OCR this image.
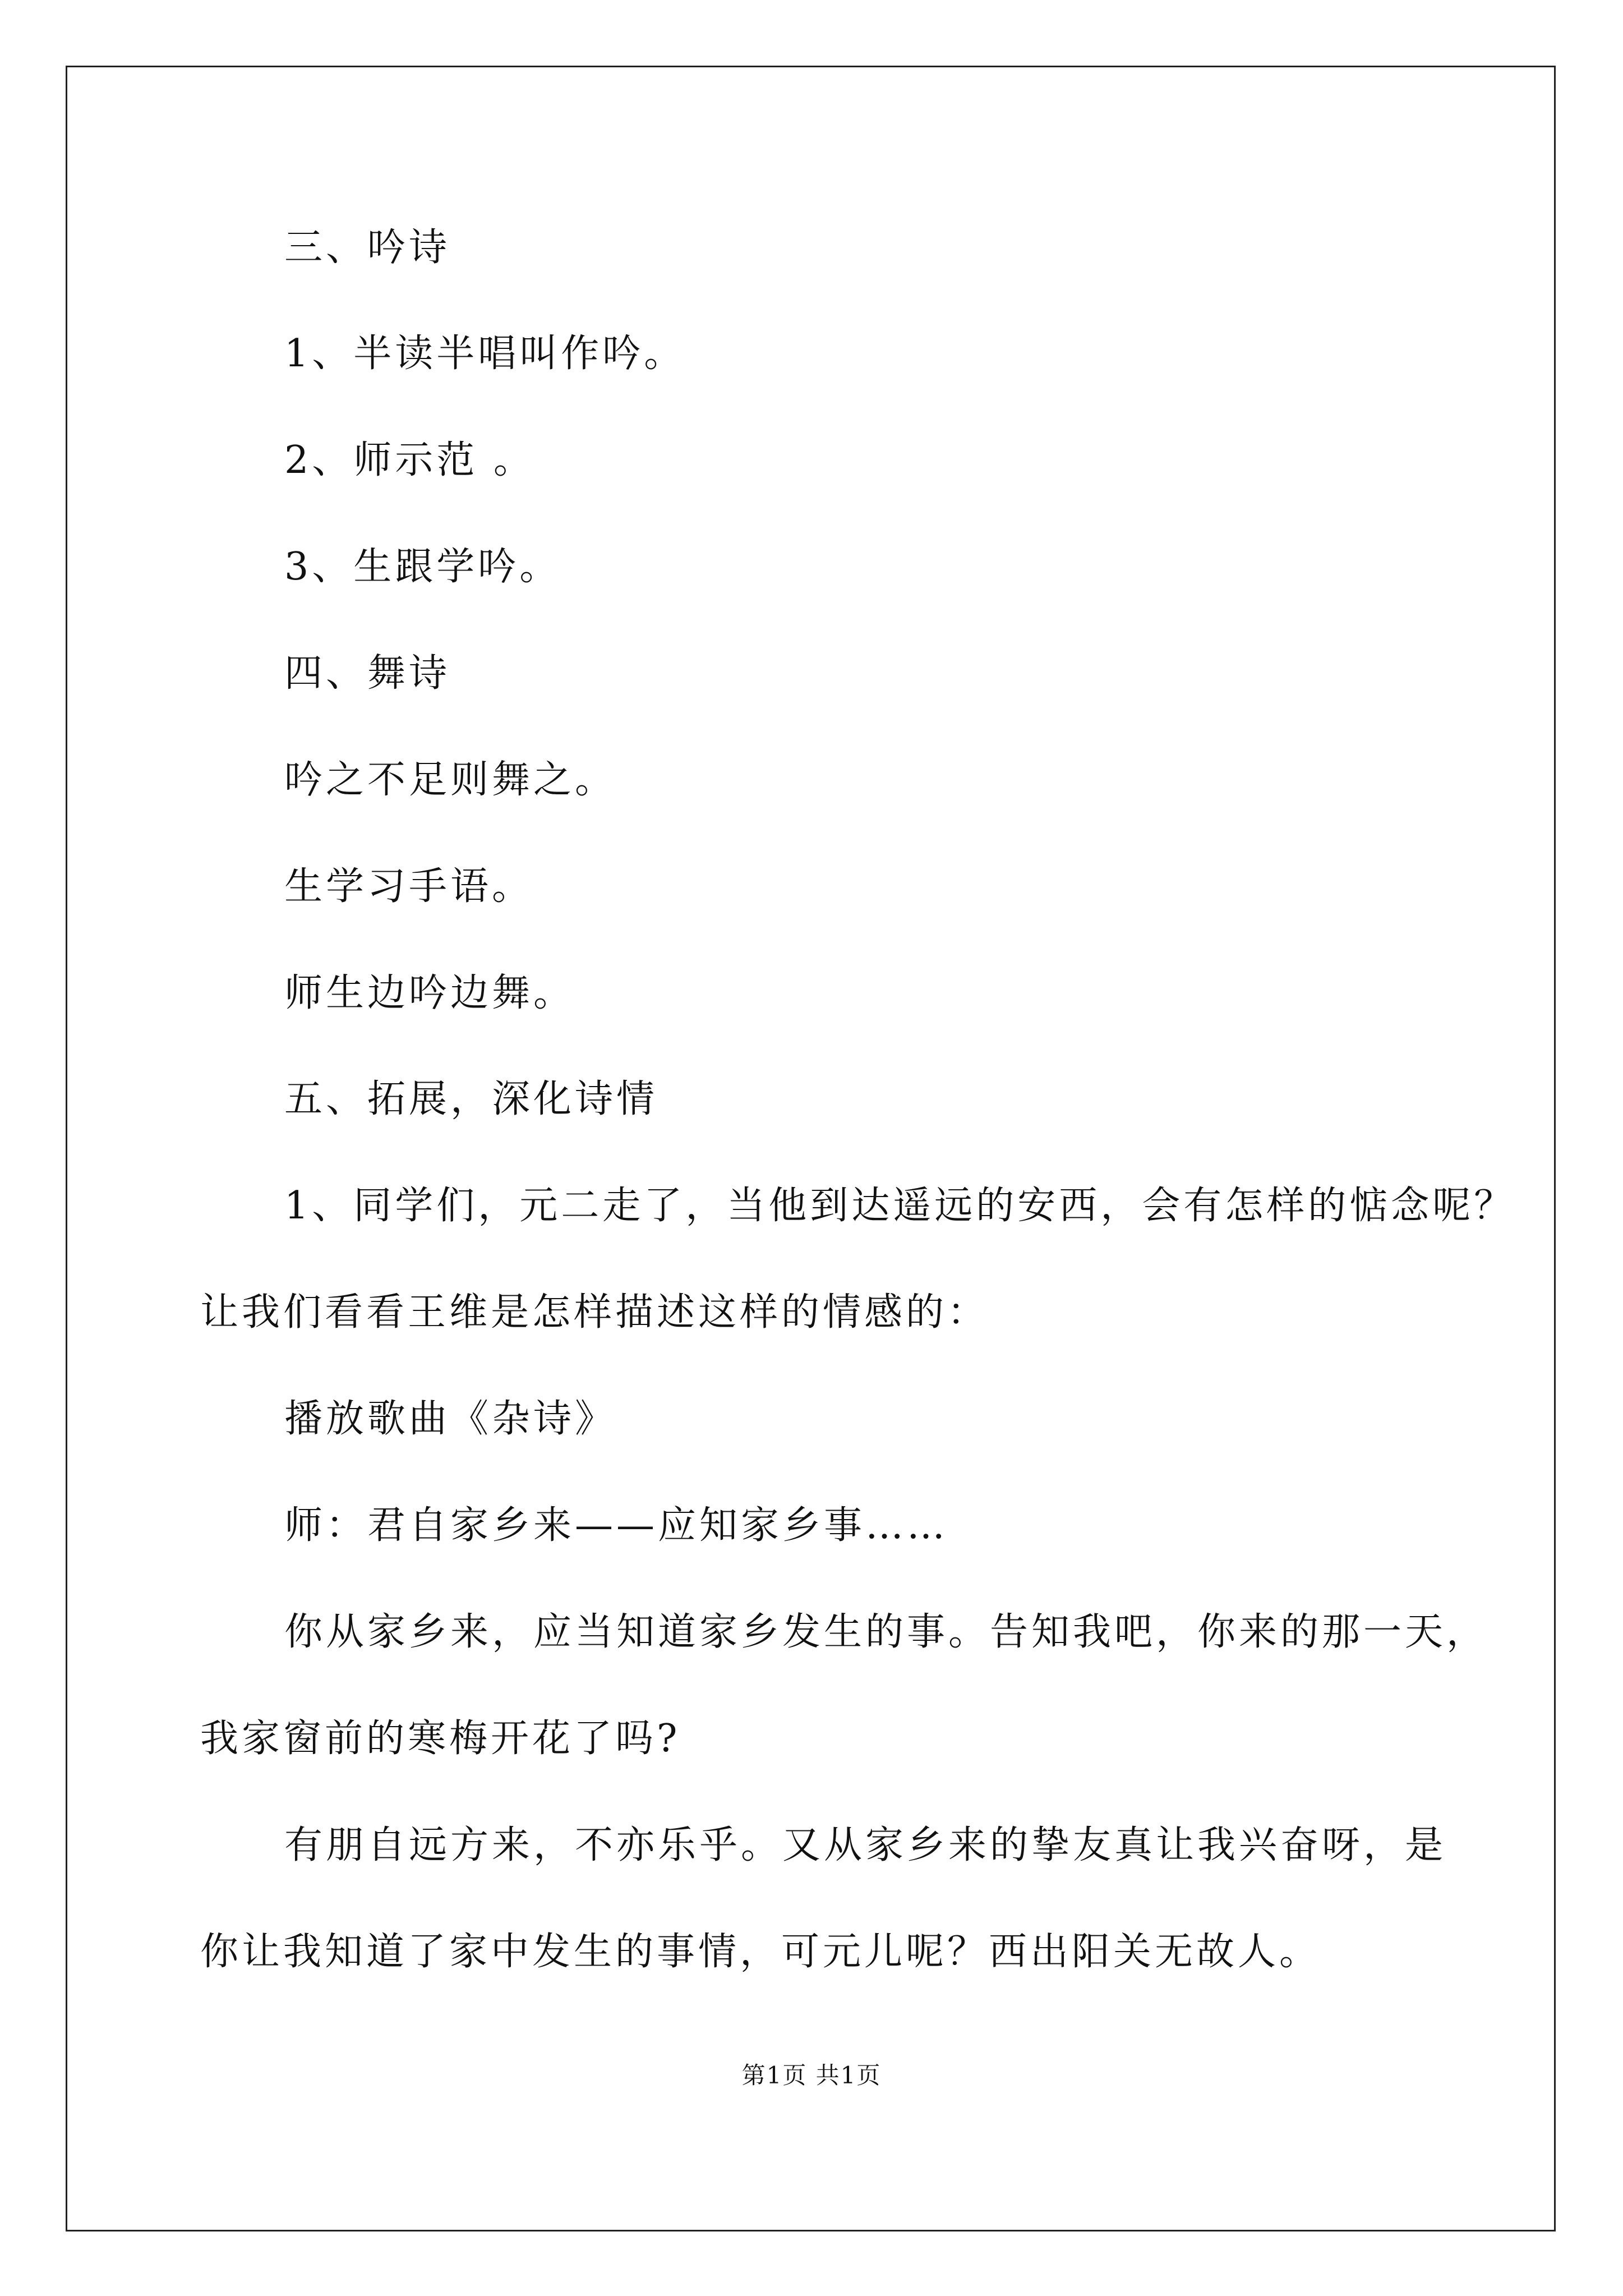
三、吟诗
1、半读半唱叫作吟。
2、师示范 。
3、生跟学吟。
四、舞诗
吟之不足则舞之。
生学习手语。
师生边吟边舞。
五、拓展，深化诗情
1、同学们，元二走了，当他到达遥远的安西，会有怎样的惦念呢？
让我们看看王维是怎样描述这样的情感的：
播放歌曲《杂诗》
师：君自家乡来——应知家乡事……
你从家乡来，应当知道家乡发生的事。告知我吧，你来的那一天，
我家窗前的寒梅开花了吗?
有朋自远方来，不亦乐乎。又从家乡来的挚友真让我兴奋呀，是
你让我知道了家中发生的事情，可元儿呢？西出阳关无故人。
第1页 共1页
